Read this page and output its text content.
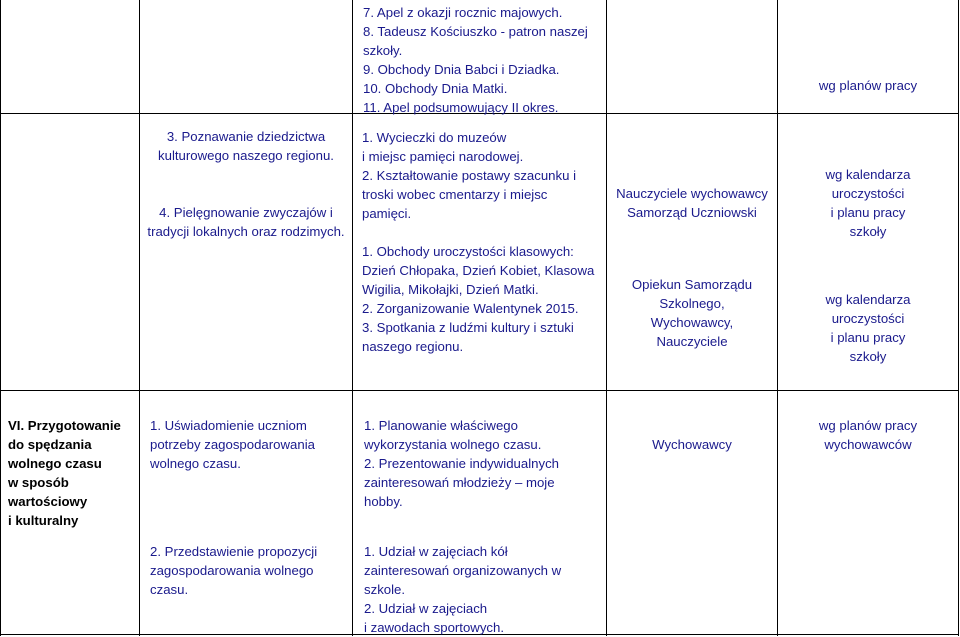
7. Apel z okazji rocznic majowych.
8. Tadeusz Kościuszko - patron naszej
szkoły.
9. Obchody Dnia Babci i Dziadka.
10. Obchody Dnia Matki.
11. Apel podsumowujący II okres.
wg planów pracy
3. Poznawanie dziedzictwa kulturowego naszego regionu.
4. Pielęgnowanie zwyczajów i tradycji lokalnych oraz rodzimych.
1. Wycieczki do muzeów
i miejsc pamięci narodowej.
2. Kształtowanie postawy szacunku i
troski wobec cmentarzy i miejsc
pamięci.
1. Obchody uroczystości klasowych:
Dzień Chłopaka, Dzień Kobiet, Klasowa
Wigilia, Mikołajki, Dzień Matki.
2. Zorganizowanie Walentynek 2015.
3. Spotkania z ludźmi kultury i sztuki
naszego regionu.
Nauczyciele wychowawcy
Samorząd Uczniowski
Opiekun Samorządu
Szkolnego,
Wychowawcy,
Nauczyciele
wg kalendarza
uroczystości
i planu pracy
szkoły
wg kalendarza
uroczystości
i planu pracy
szkoły
VI. Przygotowanie
do spędzania
wolnego czasu
w sposób
wartościowy
i kulturalny
1. Uświadomienie uczniom
potrzeby zagospodarowania
wolnego czasu.
2. Przedstawienie propozycji
zagospodarowania wolnego
czasu.
1. Planowanie właściwego
wykorzystania wolnego czasu.
2. Prezentowanie indywidualnych
zainteresowań młodzieży – moje
hobby.
1. Udział w zajęciach kół
zainteresowań organizowanych w
szkole.
2. Udział w zajęciach
i zawodach sportowych.
Wychowawcy
wg planów pracy
wychowawców
